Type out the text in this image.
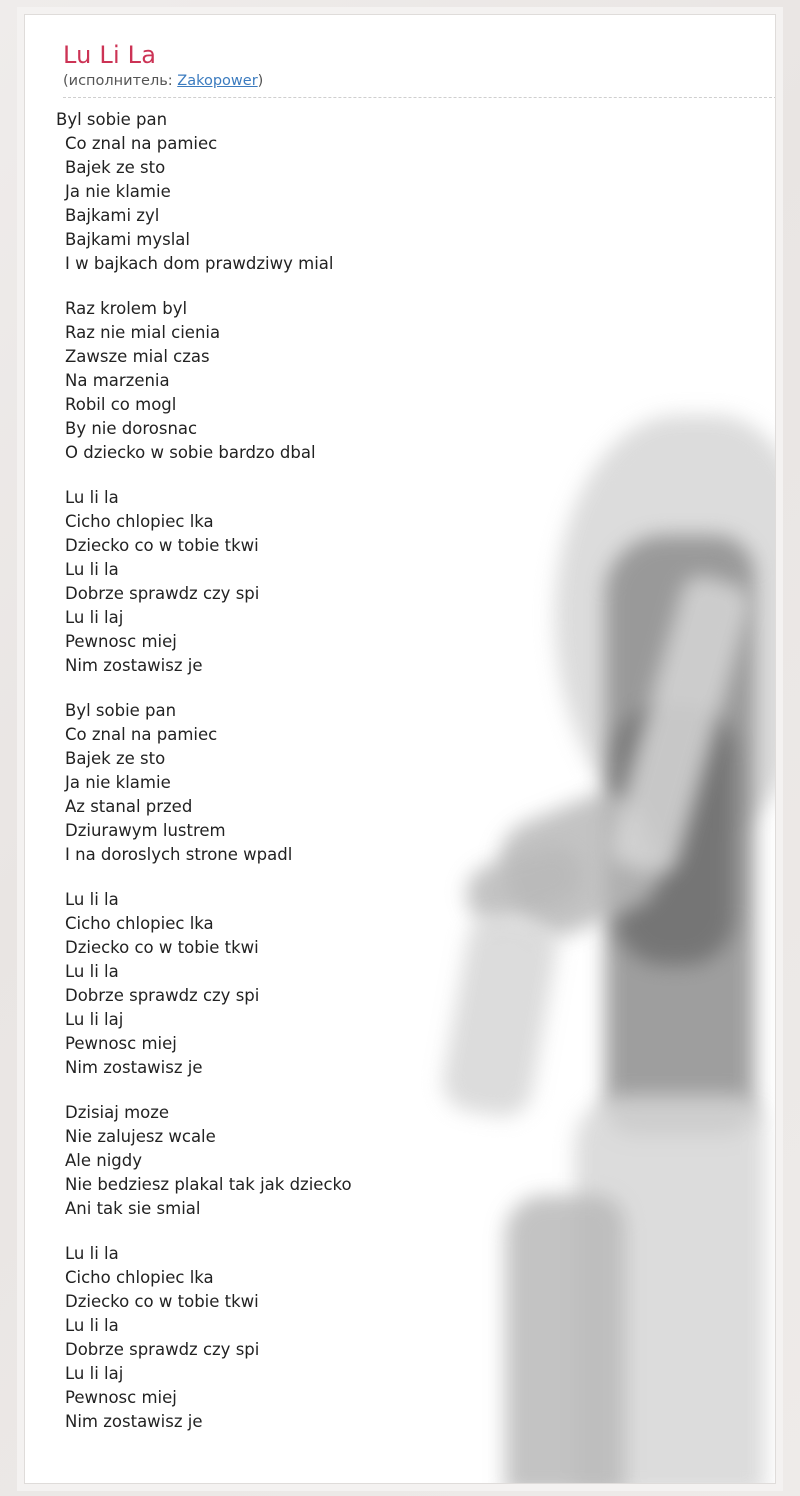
Lu Li La
(исполнитель: Zakopower)
Byl sobie pan
Co znal na pamiec
Bajek ze sto
Ja nie klamie
Bajkami zyl
Bajkami myslal
I w bajkach dom prawdziwy mial
Raz krolem byl
Raz nie mial cienia
Zawsze mial czas
Na marzenia
Robil co mogl
By nie dorosnac
O dziecko w sobie bardzo dbal
Lu li la
Cicho chlopiec lka
Dziecko co w tobie tkwi
Lu li la
Dobrze sprawdz czy spi
Lu li laj
Pewnosc miej
Nim zostawisz je
Byl sobie pan
Co znal na pamiec
Bajek ze sto
Ja nie klamie
Az stanal przed
Dziurawym lustrem
I na doroslych strone wpadl
Lu li la
Cicho chlopiec lka
Dziecko co w tobie tkwi
Lu li la
Dobrze sprawdz czy spi
Lu li laj
Pewnosc miej
Nim zostawisz je
Dzisiaj moze
Nie zalujesz wcale
Ale nigdy
Nie bedziesz plakal tak jak dziecko
Ani tak sie smial
Lu li la
Cicho chlopiec lka
Dziecko co w tobie tkwi
Lu li la
Dobrze sprawdz czy spi
Lu li laj
Pewnosc miej
Nim zostawisz je
